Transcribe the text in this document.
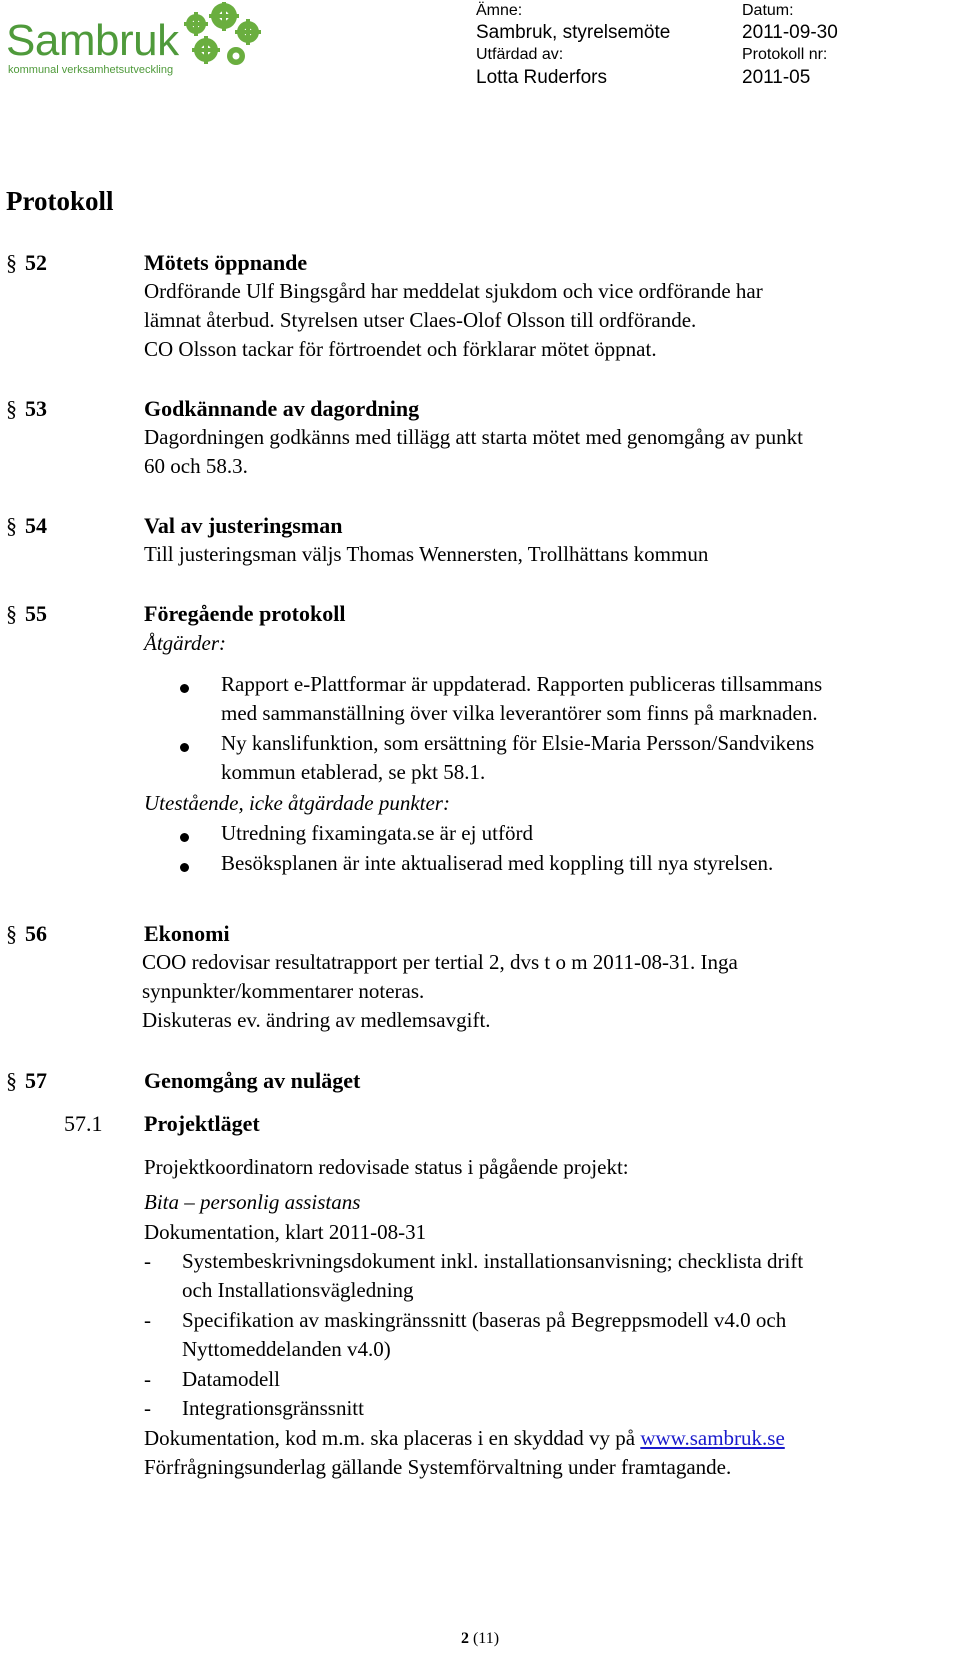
Sambruk
kommunal verksamhetsutveckling
Ämne:
Sambruk, styrelsemöte
Utfärdad av:
Lotta Ruderfors
Datum:
2011-09-30
Protokoll nr:
2011-05
Protokoll
§ 52	Mötets öppnande
Ordförande Ulf Bingsgård har meddelat sjukdom och vice ordförande har
lämnat återbud. Styrelsen utser Claes-Olof Olsson till ordförande.
CO Olsson tackar för förtroendet och förklarar mötet öppnat.
§ 53	Godkännande av dagordning
Dagordningen godkänns med tillägg att starta mötet med genomgång av punkt
60 och 58.3.
§ 54	Val av justeringsman
Till justeringsman väljs Thomas Wennersten, Trollhättans kommun
§ 55	Föregående protokoll
Åtgärder:
Rapport e-Plattformar är uppdaterad. Rapporten publiceras tillsammans
med sammanställning över vilka leverantörer som finns på marknaden.
Ny kanslifunktion, som ersättning för Elsie-Maria Persson/Sandvikens
kommun etablerad, se pkt 58.1.
Utestående, icke åtgärdade punkter:
Utredning fixamingata.se är ej utförd
Besöksplanen är inte aktualiserad med koppling till nya styrelsen.
§ 56	Ekonomi
COO redovisar resultatrapport per tertial 2, dvs t o m 2011-08-31. Inga
synpunkter/kommentarer noteras.
Diskuteras ev. ändring av medlemsavgift.
§ 57	Genomgång av nuläget
57.1 Projektläget
Projektkoordinatorn redovisade status i pågående projekt:
Bita – personlig assistans
Dokumentation, klart 2011-08-31
- Systembeskrivningsdokument inkl. installationsanvisning; checklista drift
och Installationsvägledning
- Specifikation av maskingränssnitt (baseras på Begreppsmodell v4.0 och
Nyttomeddelanden v4.0)
- Datamodell
- Integrationsgränssnitt
Dokumentation, kod m.m. ska placeras i en skyddad vy på www.sambruk.se
Förfrågningsunderlag gällande Systemförvaltning under framtagande.
2 (11)
